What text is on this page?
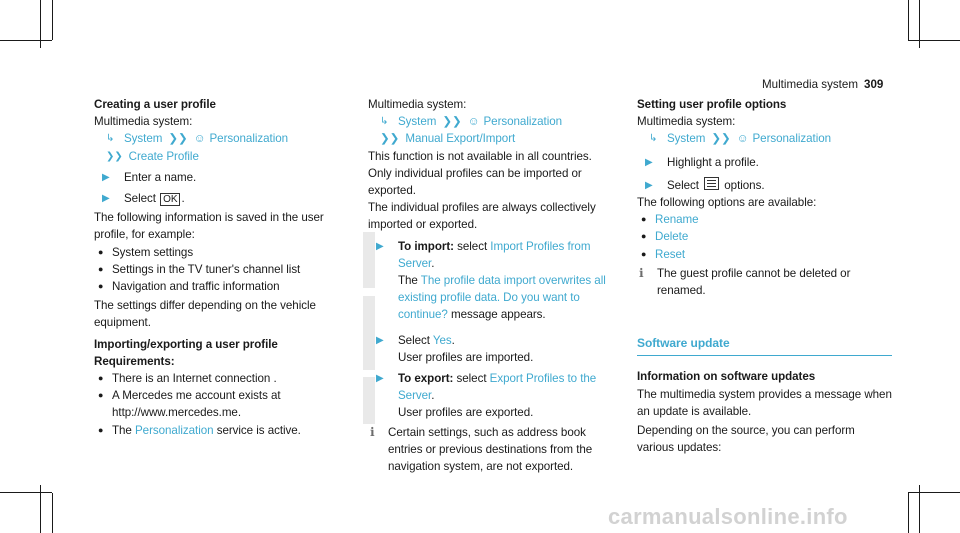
Multimedia system 309

Creating a user profile

Multimedia system:

↳ System ❯❯ ☺ Personalization
❯❯ Create Profile
▶	Enter a name.
▶	Select OK .

The following information is saved in the user profile, for example:

● System settings
● Settings in the TV tuner's channel list
● Navigation and traffic information

The settings differ depending on the vehicle equipment.

Importing/exporting a user profile

Requirements:

● There is an Internet connection .
● A Mercedes me account exists at http://www.mercedes.me.
● The Personalization service is active.

Multimedia system:

↳ System ❯❯ ☺ Personalization
❯❯ Manual Export/Import

This function is not available in all countries.

Only individual profiles can be imported or exported.

The individual profiles are always collectively imported or exported.

▶	To import: select Import Profiles from Server.
The The profile data import overwrites all existing profile data. Do you want to continue? message appears.
▶	Select Yes.
User profiles are imported.
▶	To export: select Export Profiles to the Server.
User profiles are exported.
ℹ	Certain settings, such as address book entries or previous destinations from the navigation system, are not exported.

Setting user profile options

Multimedia system:

↳ System ❯❯ ☺ Personalization
▶	Highlight a profile.
▶	Select options.

The following options are available:

● Rename
● Delete
● Reset
ℹ	The guest profile cannot be deleted or renamed.
Software update

Information on software updates

The multimedia system provides a message when an update is available.

Depending on the source, you can perform various updates:

carmanualsonline.info
